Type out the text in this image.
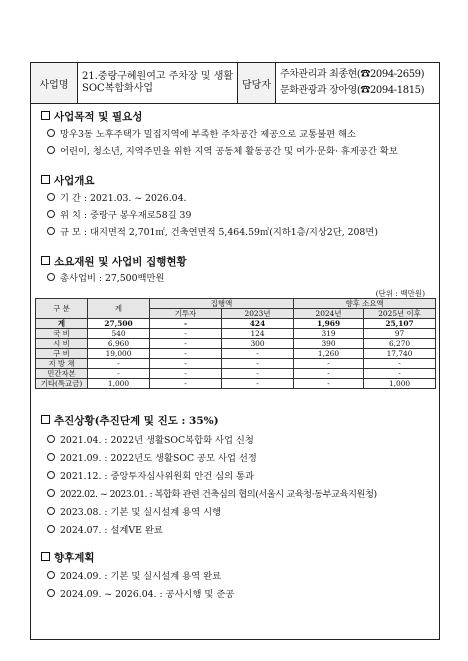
사업명
21.중랑구혜원여고 주차장 및 생활SOC복합화사업	담당자
주차관리과 최종현(☎2094-2659)
문화관광과 장아영(☎2094-1815)
사업목적 및 필요성
망우3동 노후주택가 밀집지역에 부족한 주차공간 제공으로 교통불편 해소
어린이, 청소년, 지역주민을 위한 지역 공동체 활동공간 및 여가·문화· 휴게공간 확보
사업개요
기 간 : 2021.03. ~ 2026.04.
위 치 : 중랑구 봉우재로58길 39
규 모 : 대지면적 2,701㎡, 건축연면적 5,464.59㎡(지하1층/지상2단, 208면)
소요재원 및 사업비 집행현황
총사업비 : 27,500백만원
(단위 : 백만원)
구 분	계	집행액		향후 소요액	
		기투자	2023년	2024년	2025년 이후
계	27,500	-	424	1,969	25,107
국 비	540	-	124	319	97
시 비	6,960	-	300	390	6,270
구 비	19,000	-	-	1,260	17,740
지 방 채	-	-	-	-	-
민간자본	-	-	-	-	-
기타(특교금)	1,000	-	-	-	1,000
추진상황(추진단계 및 진도 : 35%)
2021.04. : 2022년 생활SOC복합화 사업 신청
2021.09. : 2022년도 생활SOC 공모 사업 선정
2021.12. : 중앙투자심사위원회 안건 심의 통과
2022.02. ~ 2023.01. : 복합화 관련 건축심의 협의(서울시 교육청·동부교육지원청)
2023.08. : 기본 및 실시설계 용역 시행
2024.07. : 설계VE 완료
향후계획
2024.09. : 기본 및 실시설계 용역 완료
2024.09. ~ 2026.04. : 공사시행 및 준공
